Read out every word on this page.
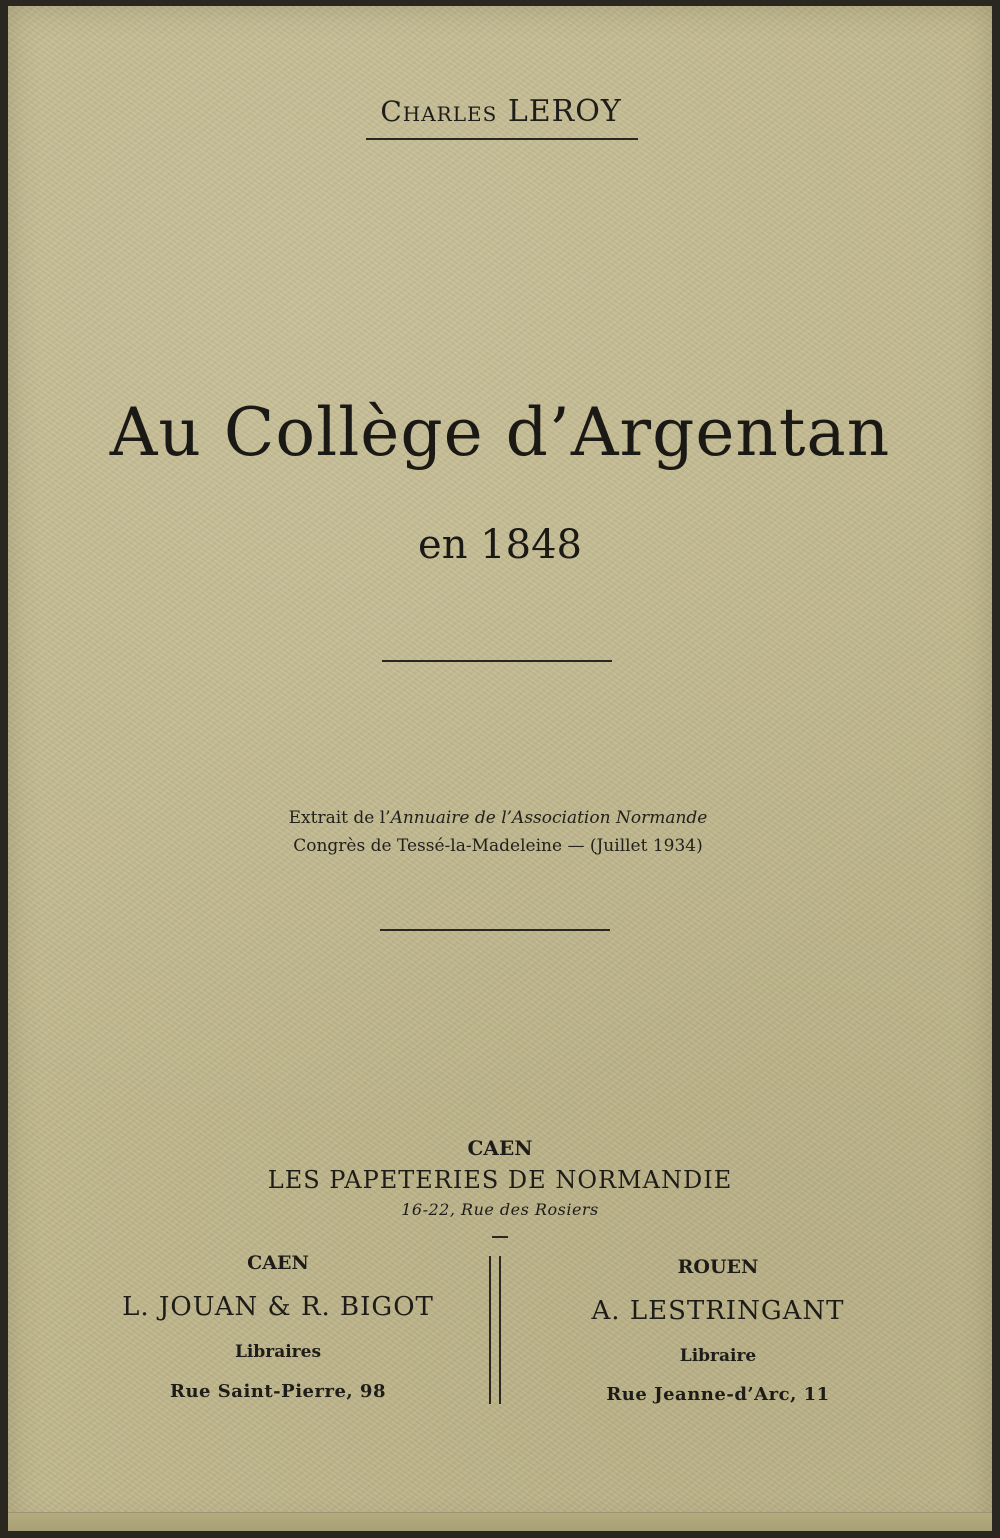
Charles LEROY
Au Collège d’Argentan
en 1848
Extrait de l’Annuaire de l’Association Normande
Congrès de Tessé-la-Madeleine — (Juillet 1934)
CAEN
LES PAPETERIES DE NORMANDIE
16-22, Rue des Rosiers
CAEN
L. JOUAN & R. BIGOT
Libraires
Rue Saint-Pierre, 98
ROUEN
A. LESTRINGANT
Libraire
Rue Jeanne-d’Arc, 11
